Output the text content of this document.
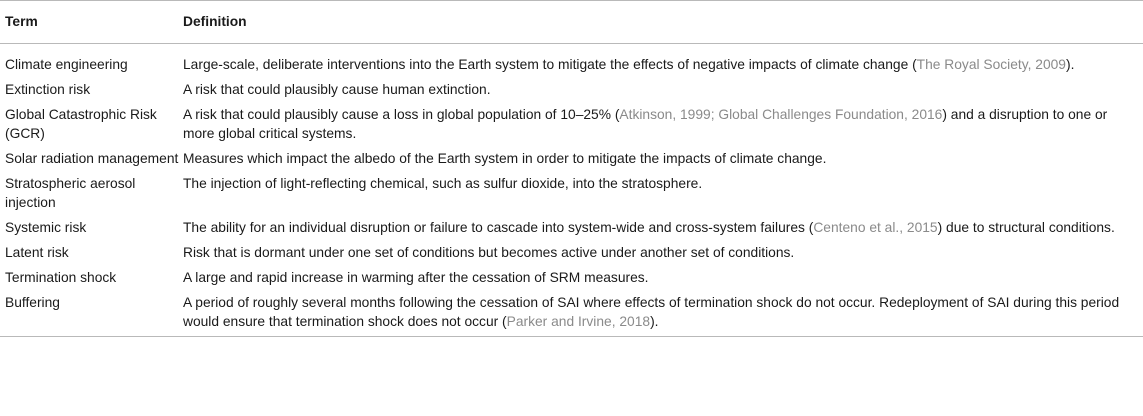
Term	Definition
Climate engineering	Large-scale, deliberate interventions into the Earth system to mitigate the effects of negative impacts of climate change (The Royal Society, 2009).
Extinction risk	A risk that could plausibly cause human extinction.
Global Catastrophic Risk (GCR)	A risk that could plausibly cause a loss in global population of 10–25% (Atkinson, 1999; Global Challenges Foundation, 2016) and a disruption to one or more global critical systems.
Solar radiation management	Measures which impact the albedo of the Earth system in order to mitigate the impacts of climate change.
Stratospheric aerosol injection	The injection of light-reflecting chemical, such as sulfur dioxide, into the stratosphere.
Systemic risk	The ability for an individual disruption or failure to cascade into system-wide and cross-system failures (Centeno et al., 2015) due to structural conditions.
Latent risk	Risk that is dormant under one set of conditions but becomes active under another set of conditions.
Termination shock	A large and rapid increase in warming after the cessation of SRM measures.
Buffering	A period of roughly several months following the cessation of SAI where effects of termination shock do not occur. Redeployment of SAI during this period would ensure that termination shock does not occur (Parker and Irvine, 2018).
